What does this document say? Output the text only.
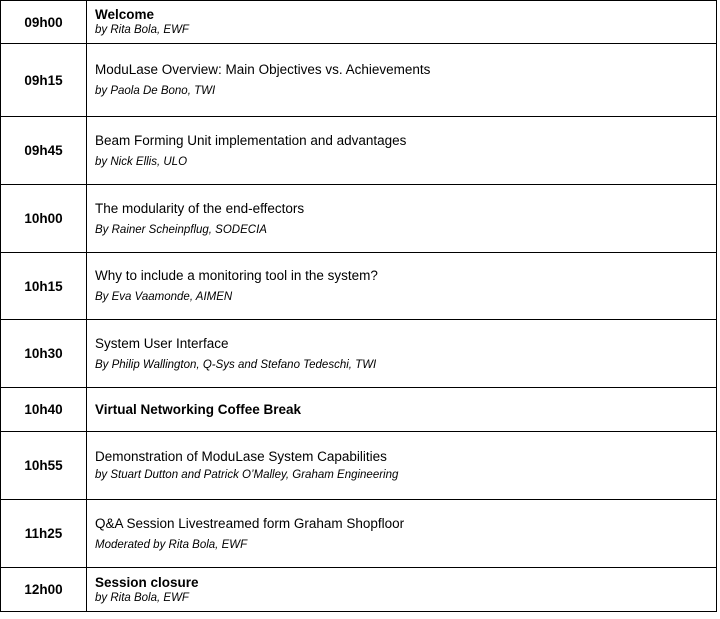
09h00	Welcome
by Rita Bola, EWF

09h15	ModuLase Overview: Main Objectives vs. Achievements
by Paola De Bono, TWI

09h45	Beam Forming Unit implementation and advantages
by Nick Ellis, ULO

10h00	The modularity of the end-effectors
By Rainer Scheinpflug, SODECIA

10h15	Why to include a monitoring tool in the system?
By Eva Vaamonde, AIMEN

10h30	System User Interface
By Philip Wallington, Q-Sys and Stefano Tedeschi, TWI

10h40	Virtual Networking Coffee Break

10h55	Demonstration of ModuLase System Capabilities
by Stuart Dutton and Patrick O’Malley, Graham Engineering

11h25	Q&A Session Livestreamed form Graham Shopfloor
Moderated by Rita Bola, EWF

12h00	Session closure
by Rita Bola, EWF
